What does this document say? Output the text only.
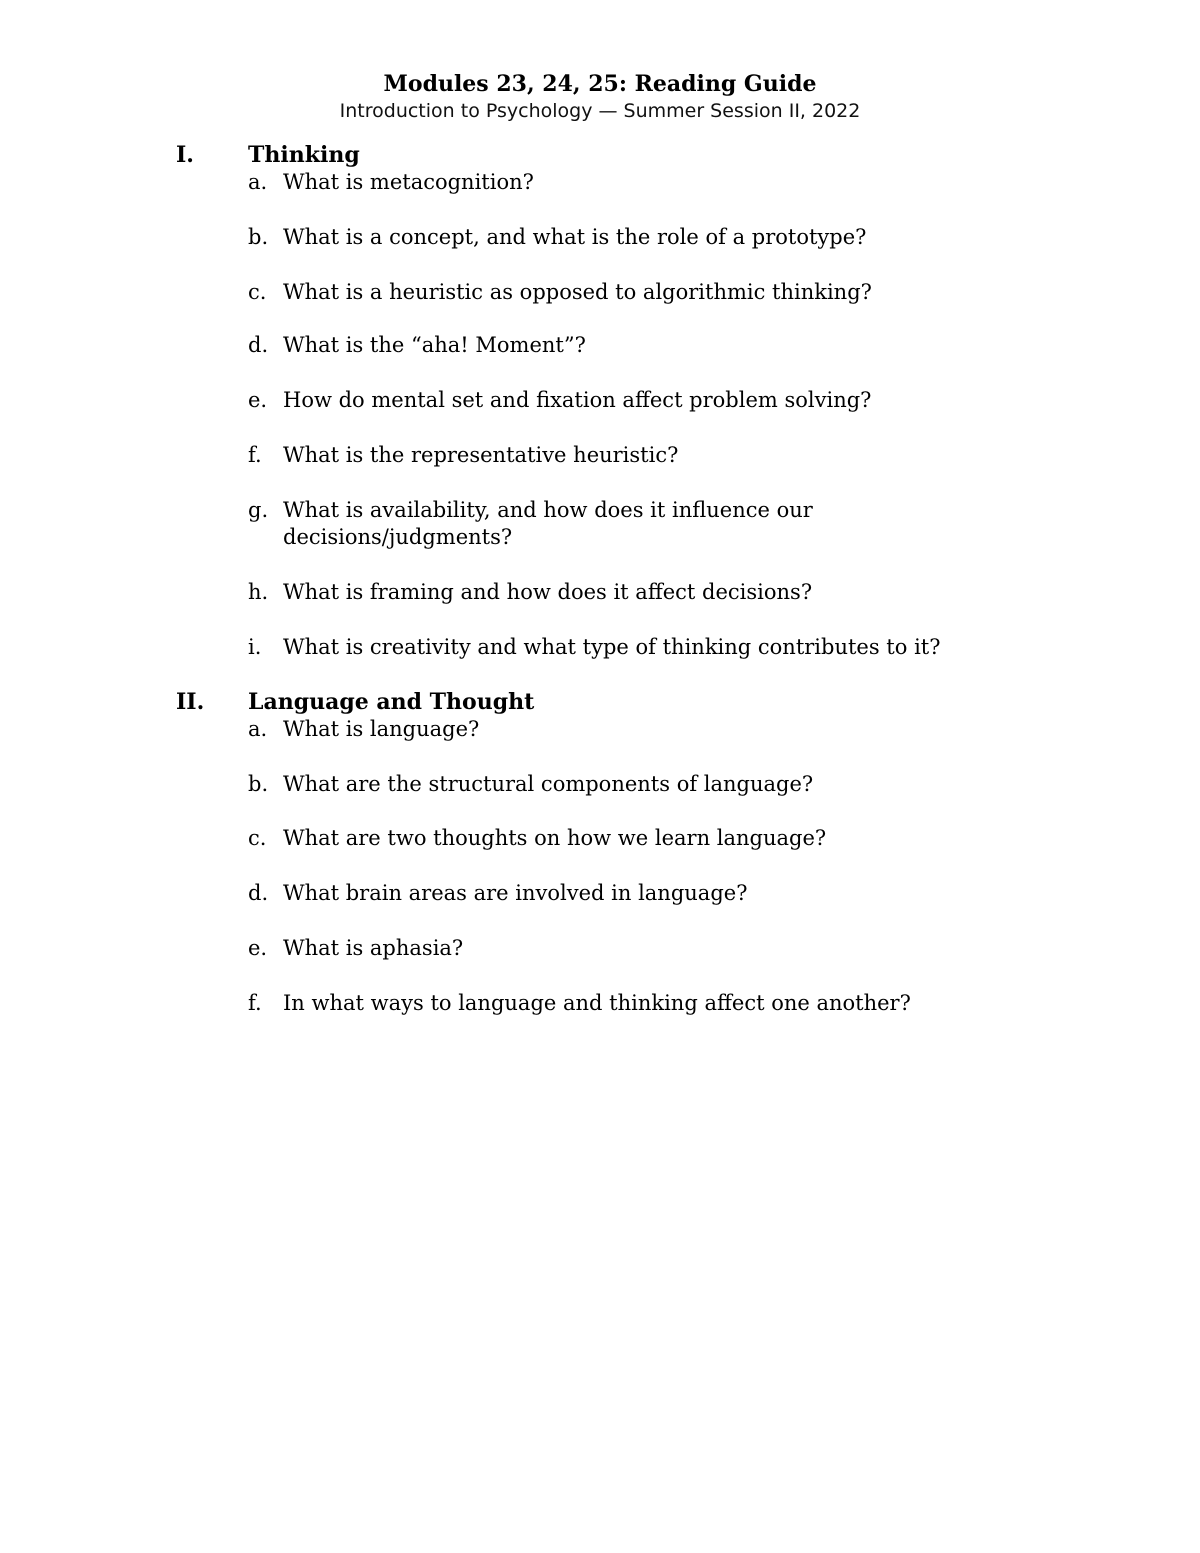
Modules 23, 24, 25: Reading Guide
Introduction to Psychology — Summer Session II, 2022
I.	Thinking
a. What is metacognition?
b. What is a concept, and what is the role of a prototype?
c. What is a heuristic as opposed to algorithmic thinking?
d. What is the “aha! Moment”?
e. How do mental set and fixation affect problem solving?
f.	What is the representative heuristic?
g. What is availability, and how does it influence our decisions/judgments?
h. What is framing and how does it affect decisions?
i.	What is creativity and what type of thinking contributes to it?
II.	Language and Thought
a. What is language?
b. What are the structural components of language?
c. What are two thoughts on how we learn language?
d. What brain areas are involved in language?
e. What is aphasia?
f.	In what ways to language and thinking affect one another?
